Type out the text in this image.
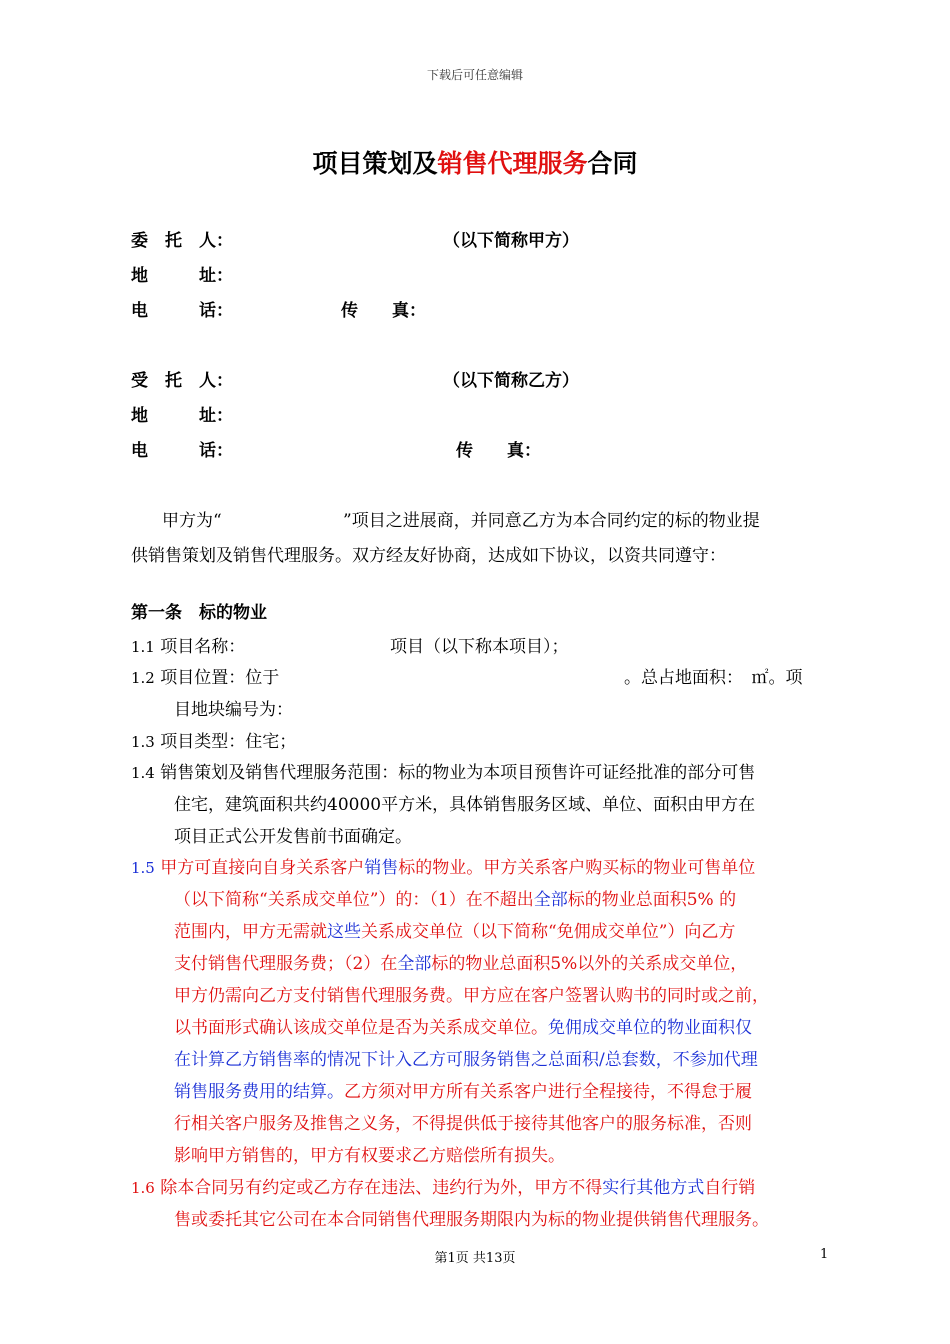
下载后可任意编辑
项目策划及销售代理服务合同
委　托　人：	（以下简称甲方）
地　　　址：
电　　　话：	传　　真：
受　托　人：	（以下简称乙方）
地　　　址：
电　　　话：	传　　真：
甲方为“	”项目之进展商，并同意乙方为本合同约定的标的物业提
供销售策划及销售代理服务。双方经友好协商，达成如下协议，以资共同遵守：
第一条　标的物业
1.1 项目名称：	项目（以下称本项目）；
1.2 项目位置：位于	。总占地面积：　㎡。项
目地块编号为：
1.3 项目类型：住宅；
1.4 销售策划及销售代理服务范围：标的物业为本项目预售许可证经批准的部分可售
住宅，建筑面积共约40000平方米，具体销售服务区域、单位、面积由甲方在
项目正式公开发售前书面确定。
1.5 甲方可直接向自身关系客户销售标的物业。甲方关系客户购买标的物业可售单位
（以下简称“关系成交单位”）的：（1）在不超出全部标的物业总面积5% 的
范围内，甲方无需就这些关系成交单位（以下简称“免佣成交单位”）向乙方
支付销售代理服务费；（2）在全部标的物业总面积5%以外的关系成交单位，
甲方仍需向乙方支付销售代理服务费。甲方应在客户签署认购书的同时或之前，
以书面形式确认该成交单位是否为关系成交单位。免佣成交单位的物业面积仅
在计算乙方销售率的情况下计入乙方可服务销售之总面积/总套数，不参加代理
销售服务费用的结算。乙方须对甲方所有关系客户进行全程接待，不得怠于履
行相关客户服务及推售之义务，不得提供低于接待其他客户的服务标准，否则
影响甲方销售的，甲方有权要求乙方赔偿所有损失。
1.6 除本合同另有约定或乙方存在违法、违约行为外，甲方不得实行其他方式自行销
售或委托其它公司在本合同销售代理服务期限内为标的物业提供销售代理服务。
第1页 共13页	1
